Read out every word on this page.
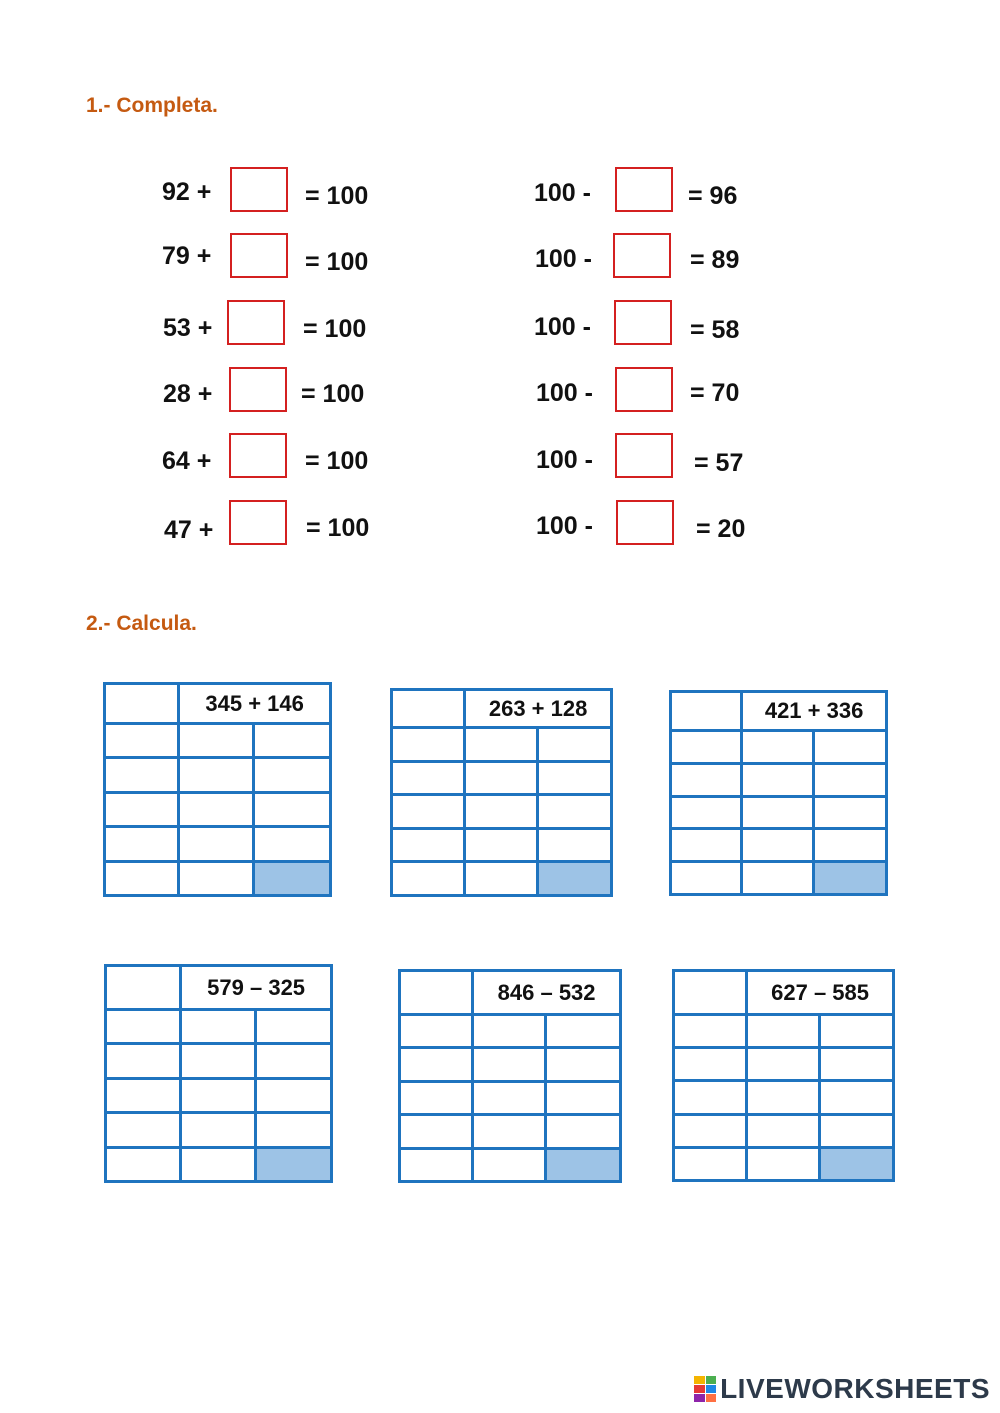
1.- Completa.
92 +	= 100
79 +	= 100
53 +	= 100
28 +	= 100
64 +	= 100
47 +	= 100
100 -	= 96
100 -	= 89
100 -	= 58
100 -	= 70
100 -	= 57
100 -	= 20
2.- Calcula.
	345 + 146	

		263 + 128	

		421 + 336	

	579 – 325	

		846 – 532	

		627 – 585	

LIVEWORKSHEETS
